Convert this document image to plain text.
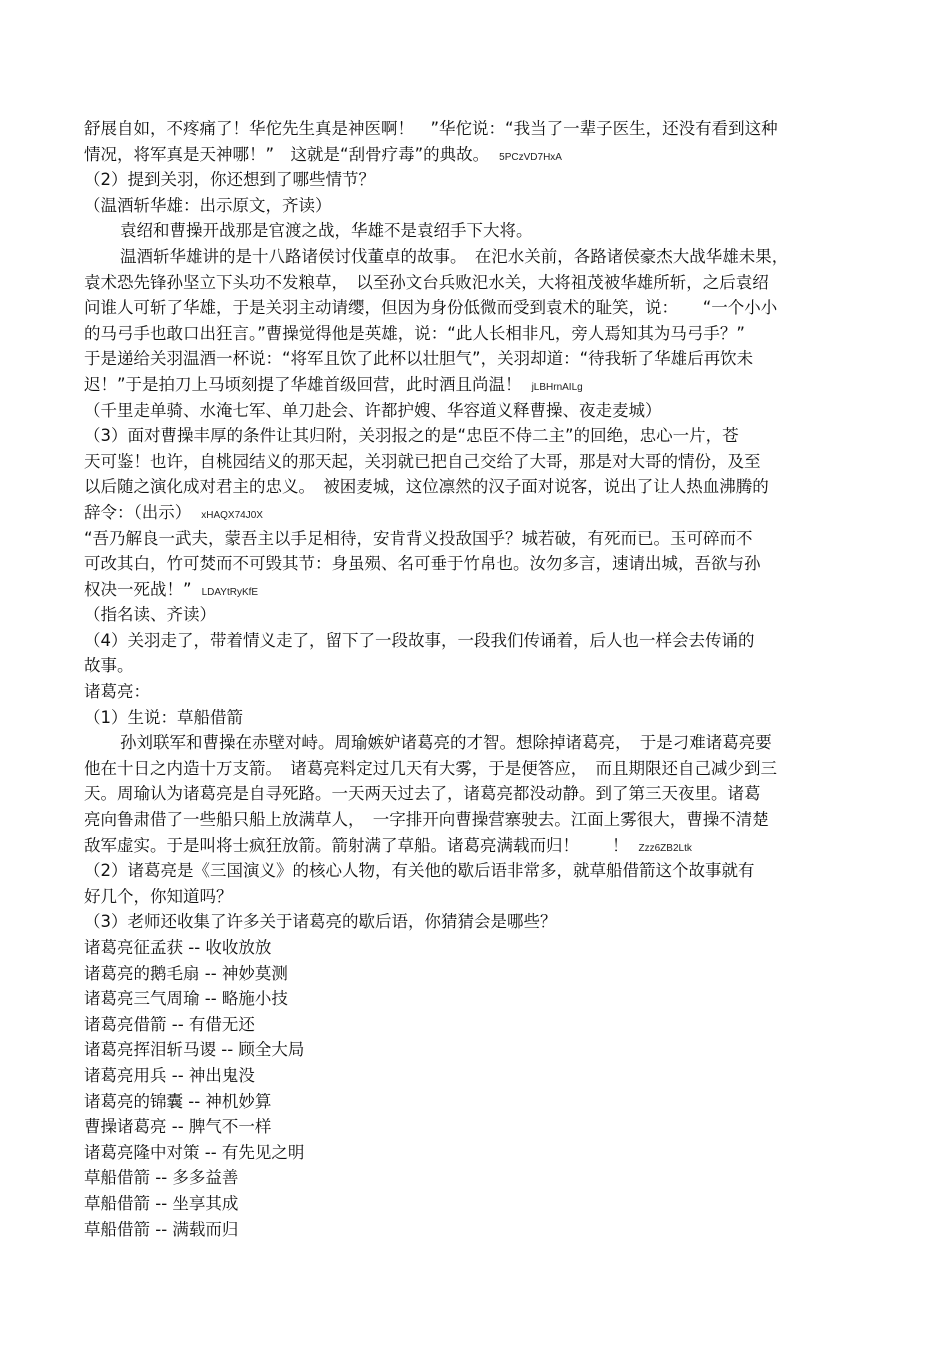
舒展自如，不疼痛了！华佗先生真是神医啊！　”华佗说：“我当了一辈子医生，还没有看到这种
情况，将军真是天神哪！”　这就是“刮骨疗毒”的典故。 5PCzVD7HxA
（2）提到关羽，你还想到了哪些情节？
（温酒斩华雄：出示原文，齐读）
袁绍和曹操开战那是官渡之战，华雄不是袁绍手下大将。
温酒斩华雄讲的是十八路诸侯讨伐董卓的故事。　在汜水关前，各路诸侯豪杰大战华雄未果，
袁术恐先锋孙坚立下头功不发粮草，　以至孙文台兵败汜水关，大将祖茂被华雄所斩，之后袁绍
问谁人可斩了华雄，于是关羽主动请缨，但因为身份低微而受到袁术的耻笑，说：　　“一个小小
的马弓手也敢口出狂言。”曹操觉得他是英雄，说：“此人长相非凡，旁人焉知其为马弓手？”
于是递给关羽温酒一杯说：“将军且饮了此杯以壮胆气”，关羽却道：“待我斩了华雄后再饮未
迟！”于是拍刀上马顷刻提了华雄首级回营，此时酒且尚温！ jLBHrnAILg
（千里走单骑、水淹七军、单刀赴会、许都护嫂、华容道义释曹操、夜走麦城）
（3）面对曹操丰厚的条件让其归附，关羽报之的是“忠臣不侍二主”的回绝，忠心一片，苍
天可鉴！也许，自桃园结义的那天起，关羽就已把自己交给了大哥，那是对大哥的情份，及至
以后随之演化成对君主的忠义。　被困麦城，这位凛然的汉子面对说客，说出了让人热血沸腾的
辞令：（出示） xHAQX74J0X
“吾乃解良一武夫，蒙吾主以手足相待，安肯背义投敌国乎？城若破，有死而已。玉可碎而不
可改其白，竹可焚而不可毁其节：身虽殒、名可垂于竹帛也。汝勿多言，速请出城，吾欲与孙
权决一死战！” LDAYtRyKfE
（指名读、齐读）
（4）关羽走了，带着情义走了，留下了一段故事，一段我们传诵着，后人也一样会去传诵的
故事。
诸葛亮：
（1）生说：草船借箭
孙刘联军和曹操在赤壁对峙。周瑜嫉妒诸葛亮的才智。想除掉诸葛亮，　于是刁难诸葛亮要
他在十日之内造十万支箭。　诸葛亮料定过几天有大雾，于是便答应，　而且期限还自己减少到三
天。周瑜认为诸葛亮是自寻死路。一天两天过去了，诸葛亮都没动静。到了第三天夜里。诸葛
亮向鲁肃借了一些船只船上放满草人，　一字排开向曹操营寨驶去。江面上雾很大，曹操不清楚
敌军虚实。于是叫将士疯狂放箭。箭射满了草船。诸葛亮满载而归！　　！ Zzz6ZB2Ltk
（2）诸葛亮是《三国演义》的核心人物，有关他的歇后语非常多，就草船借箭这个故事就有
好几个，你知道吗？
（3）老师还收集了许多关于诸葛亮的歇后语，你猜猜会是哪些？
诸葛亮征孟获 -- 收收放放
诸葛亮的鹅毛扇 -- 神妙莫测
诸葛亮三气周瑜 -- 略施小技
诸葛亮借箭 -- 有借无还
诸葛亮挥泪斩马谡 -- 顾全大局
诸葛亮用兵 -- 神出鬼没
诸葛亮的锦囊 -- 神机妙算
曹操诸葛亮 -- 脾气不一样
诸葛亮隆中对策 -- 有先见之明
草船借箭 -- 多多益善
草船借箭 -- 坐享其成
草船借箭 -- 满载而归
